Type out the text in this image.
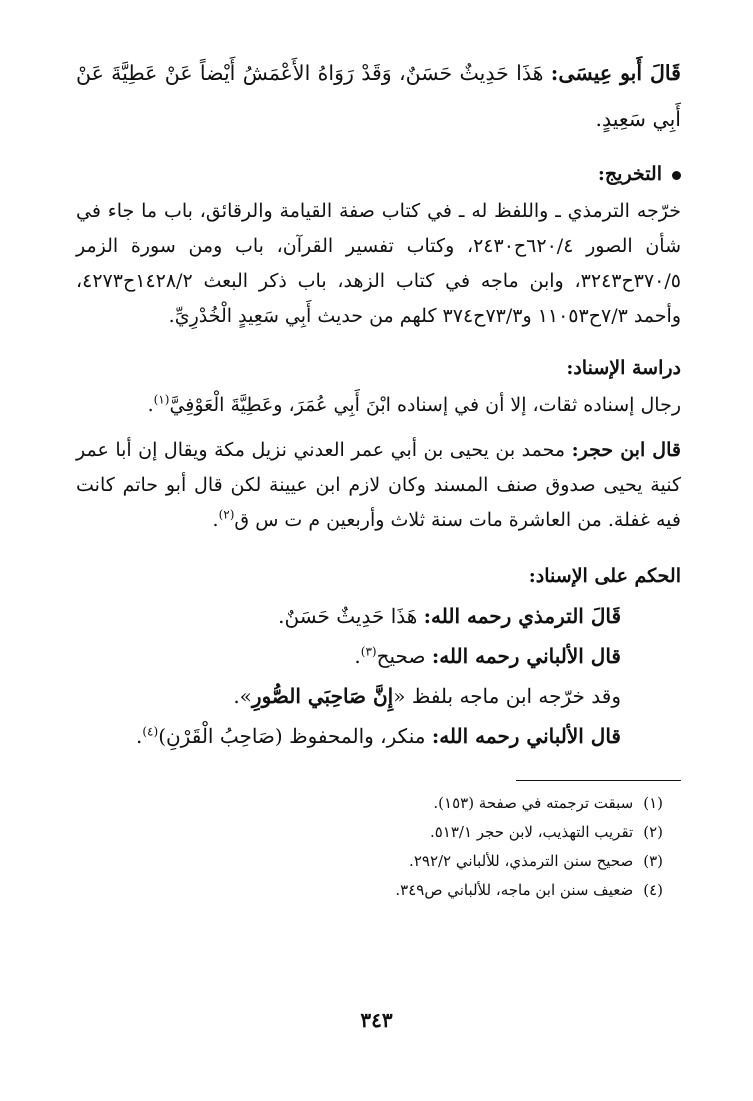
قَالَ أَبو عِيسَى: هَذَا حَدِيثٌ حَسَنٌ، وَقَدْ رَوَاهُ الأَعْمَشُ أَيْضاً عَنْ عَطِيَّةَ عَنْ أَبِي سَعِيدٍ.

التخريج:

خرّجه الترمذي ـ واللفظ له ـ في كتاب صفة القيامة والرقائق، باب ما جاء في شأن الصور ٦٢٠/٤ح٢٤٣٠، وكتاب تفسير القرآن، باب ومن سورة الزمر ٣٧٠/٥ح٣٢٤٣، وابن ماجه في كتاب الزهد، باب ذكر البعث ١٤٢٨/٢ح٤٢٧٣، وأحمد ٧/٣ح١١٠٥٣ و٧٣/٣ح٣٧٤ كلهم من حديث أَبِي سَعِيدٍ الْخُدْرِيِّ.

دراسة الإسناد:

رجال إسناده ثقات، إلا أن في إسناده ابْنَ أَبِي عُمَرَ، وعَطِيَّةَ الْعَوْفِيَّ$^{(١)}$.

قال ابن حجر: محمد بن يحيى بن أبي عمر العدني نزيل مكة ويقال إن أبا عمر كنية يحيى صدوق صنف المسند وكان لازم ابن عيينة لكن قال أبو حاتم كانت فيه غفلة. من العاشرة مات سنة ثلاث وأربعين م ت س ق$^{(٢)}$.

الحكم على الإسناد:

قَالَ الترمذي رحمه الله: هَذَا حَدِيثٌ حَسَنٌ.
قال الألباني رحمه الله: صحيح$^{(٣)}$.
وقد خرّجه ابن ماجه بلفظ «إِنَّ صَاحِبَي الصُّورِ».
قال الألباني رحمه الله: منكر، والمحفوظ (صَاحِبُ الْقَرْنِ)$^{(٤)}$.
(١)سبقت ترجمته في صفحة (١٥٣).
(٢)تقريب التهذيب، لابن حجر ٥١٣/١.
(٣)صحيح سنن الترمذي، للألباني ٢٩٢/٢.
(٤)ضعيف سنن ابن ماجه، للألباني ص٣٤٩.
٣٤٣
